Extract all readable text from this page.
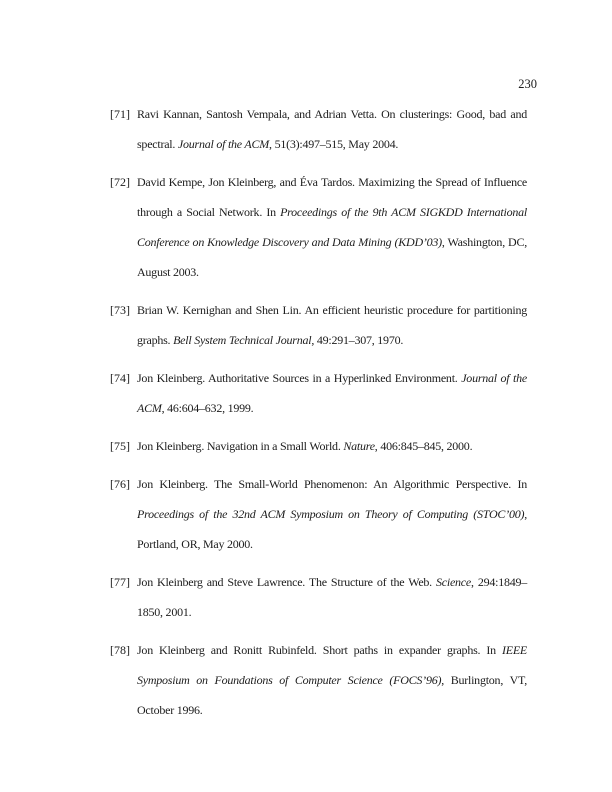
230
[71] Ravi Kannan, Santosh Vempala, and Adrian Vetta. On clusterings: Good, bad and spectral. Journal of the ACM, 51(3):497–515, May 2004.
[72] David Kempe, Jon Kleinberg, and Éva Tardos. Maximizing the Spread of Influence through a Social Network. In Proceedings of the 9th ACM SIGKDD International Conference on Knowledge Discovery and Data Mining (KDD’03), Washington, DC, August 2003.
[73] Brian W. Kernighan and Shen Lin. An efficient heuristic procedure for partitioning graphs. Bell System Technical Journal, 49:291–307, 1970.
[74] Jon Kleinberg. Authoritative Sources in a Hyperlinked Environment. Journal of the ACM, 46:604–632, 1999.
[75] Jon Kleinberg. Navigation in a Small World. Nature, 406:845–845, 2000.
[76] Jon Kleinberg. The Small-World Phenomenon: An Algorithmic Perspective. In Proceedings of the 32nd ACM Symposium on Theory of Computing (STOC’00), Portland, OR, May 2000.
[77] Jon Kleinberg and Steve Lawrence. The Structure of the Web. Science, 294:1849–1850, 2001.
[78] Jon Kleinberg and Ronitt Rubinfeld. Short paths in expander graphs. In IEEE Symposium on Foundations of Computer Science (FOCS’96), Burlington, VT, October 1996.
